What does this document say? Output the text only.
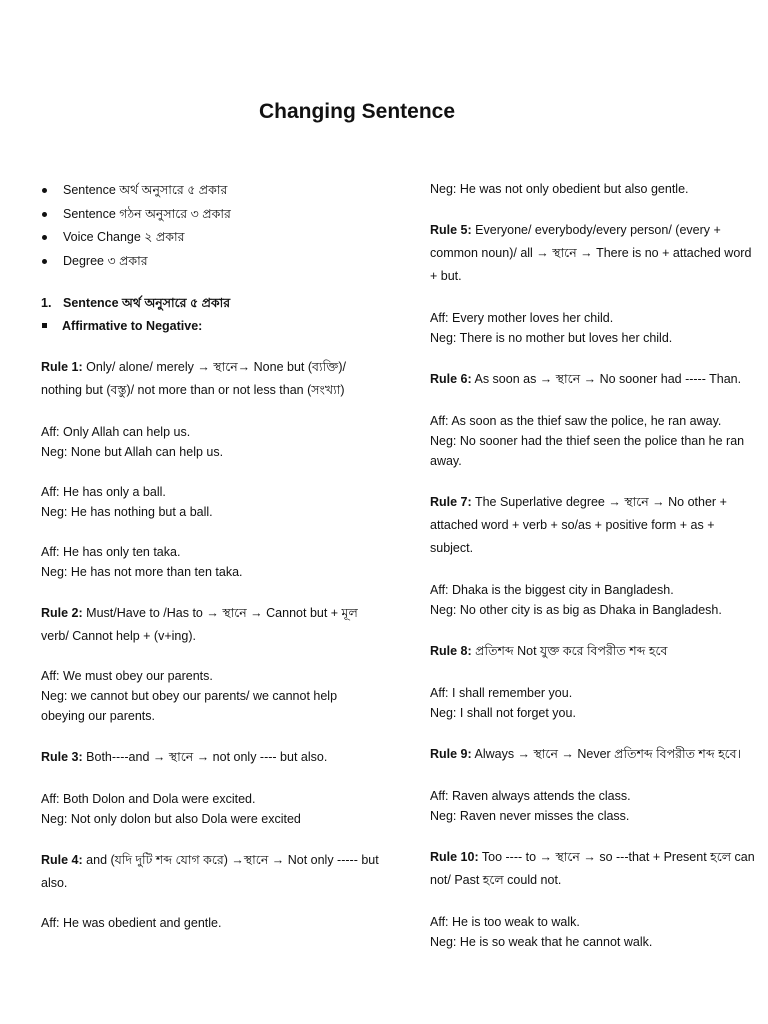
Changing Sentence
Sentence অর্থ অনুসারে ৫ প্রকার
Sentence গঠন অনুসারে ৩ প্রকার
Voice Change ২ প্রকার
Degree ৩ প্রকার
1. Sentence অর্থ অনুসারে ৫ প্রকার
Affirmative to Negative:

Rule 1: Only/ alone/ merely → স্থানে→ None but (ব্যক্তি)/ nothing but (বস্তু)/ not more than or not less than (সংখ্যা)

Aff: Only Allah can help us.

Neg: None but Allah can help us.

Aff: He has only a ball.

Neg: He has nothing but a ball.

Aff: He has only ten taka.

Neg: He has not more than ten taka.

Rule 2: Must/Have to /Has to → স্থানে → Cannot but + মূল verb/ Cannot help + (v+ing).

Aff: We must obey our parents.

Neg: we cannot but obey our parents/ we cannot help obeying our parents.

Rule 3: Both----and → স্থানে → not only ---- but also.

Aff: Both Dolon and Dola were excited.

Neg: Not only dolon but also Dola were excited

Rule 4: and (যদি দুটি শব্দ যোগ করে) →স্থানে → Not only ----- but also.

Aff: He was obedient and gentle.

Neg: He was not only obedient but also gentle.

Rule 5: Everyone/ everybody/every person/ (every + common noun)/ all → স্থানে → There is no + attached word + but.

Aff: Every mother loves her child.

Neg: There is no mother but loves her child.

Rule 6: As soon as → স্থানে → No sooner had ----- Than.

Aff: As soon as the thief saw the police, he ran away.

Neg: No sooner had the thief seen the police than he ran away.

Rule 7: The Superlative degree → স্থানে → No other + attached word + verb + so/as + positive form + as + subject.

Aff: Dhaka is the biggest city in Bangladesh.

Neg: No other city is as big as Dhaka in Bangladesh.

Rule 8: প্রতিশব্দ Not যুক্ত করে বিপরীত শব্দ হবে

Aff: I shall remember you.

Neg: I shall not forget you.

Rule 9: Always → স্থানে → Never প্রতিশব্দ বিপরীত শব্দ হবে।

Aff: Raven always attends the class.

Neg: Raven never misses the class.

Rule 10: Too ---- to → স্থানে → so ---that + Present হলে can not/ Past হলে could not.

Aff: He is too weak to walk.

Neg: He is so weak that he cannot walk.
